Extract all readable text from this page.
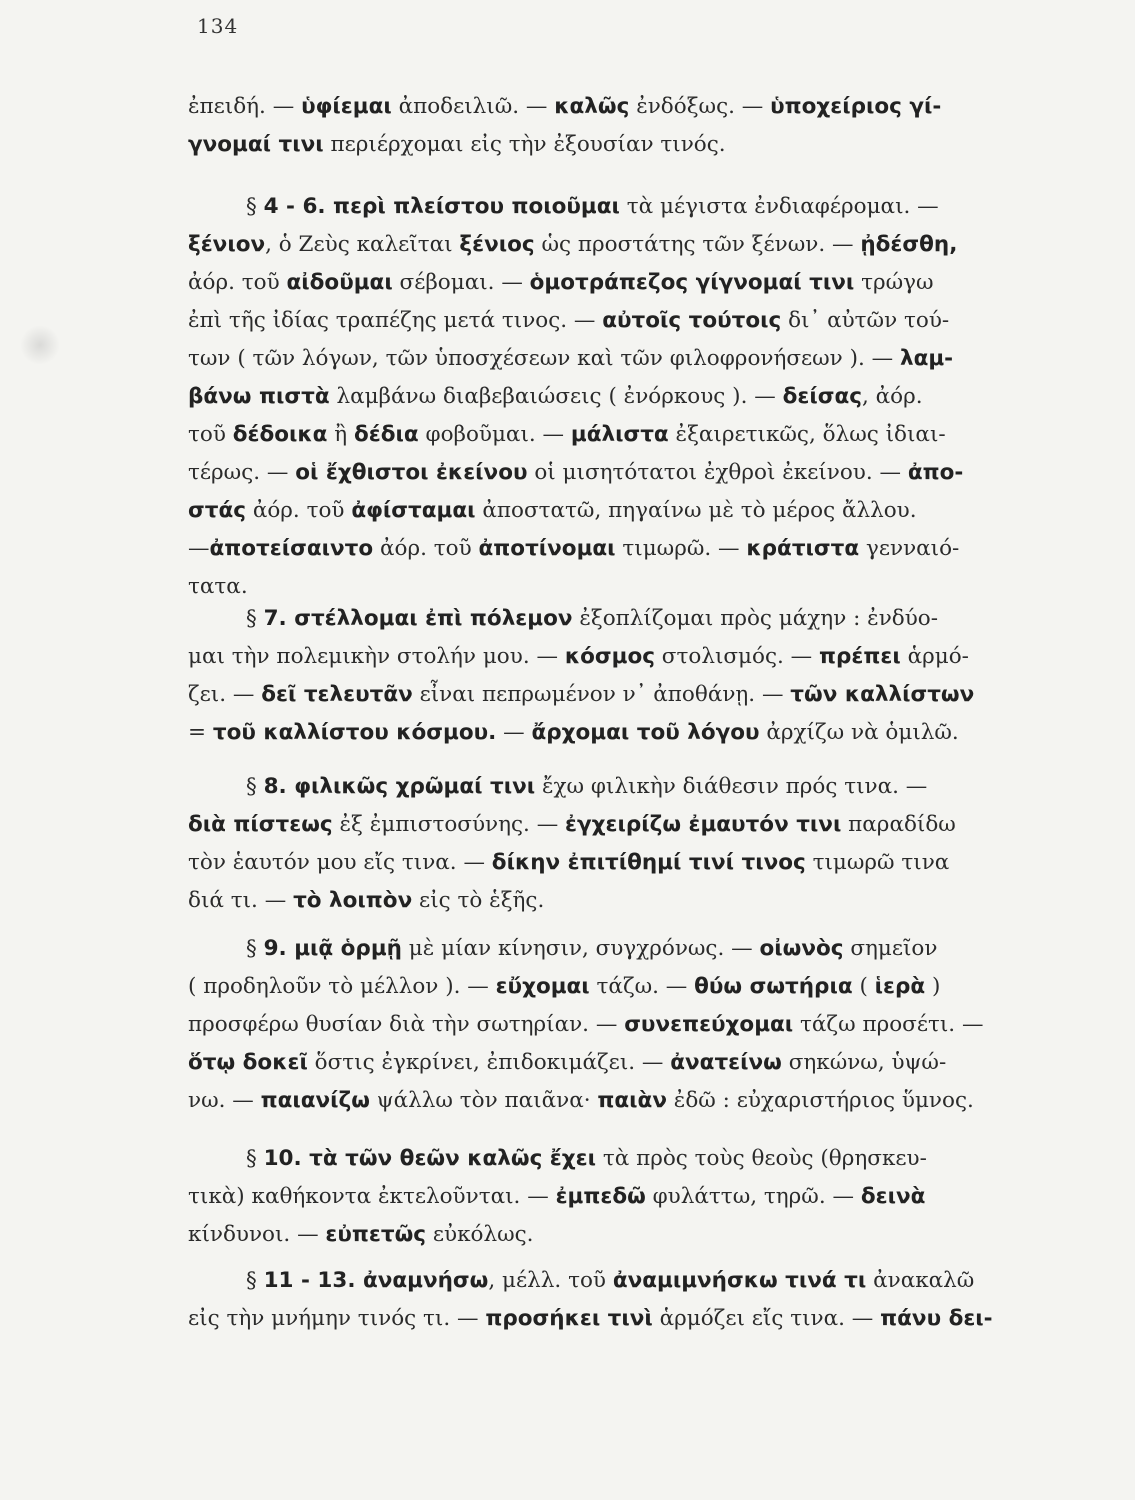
134
ἐπειδή. — ὑφίεμαι ἀποδειλιῶ. — καλῶς ἐνδόξως. — ὑποχείριος γί-
γνομαί τινι περιέρχομαι εἰς τὴν ἐξουσίαν τινός.
§ 4 - 6. περὶ πλείστου ποιοῦμαι τὰ μέγιστα ἐνδιαφέρομαι. —
ξένιον, ὁ Ζεὺς καλεῖται ξένιος ὡς προστάτης τῶν ξένων. — ᾐδέσθη,
ἀόρ. τοῦ αἰδοῦμαι σέβομαι. — ὁμοτράπεζος γίγνομαί τινι τρώγω
ἐπὶ τῆς ἰδίας τραπέζης μετά τινος. — αὐτοῖς τούτοις δι᾽ αὐτῶν τού-
των ( τῶν λόγων, τῶν ὑποσχέσεων καὶ τῶν φιλοφρονήσεων ). — λαμ-
βάνω πιστὰ λαμβάνω διαβεβαιώσεις ( ἐνόρκους ). — δείσας, ἀόρ.
τοῦ δέδοικα ἢ δέδια φοβοῦμαι. — μάλιστα ἐξαιρετικῶς, ὅλως ἰδιαι-
τέρως. — οἱ ἔχθιστοι ἐκείνου οἱ μισητότατοι ἐχθροὶ ἐκείνου. — ἀπο-
στάς ἀόρ. τοῦ ἀφίσταμαι ἀποστατῶ, πηγαίνω μὲ τὸ μέρος ἄλλου.
—ἀποτείσαιντο ἀόρ. τοῦ ἀποτίνομαι τιμωρῶ. — κράτιστα γενναιό-
τατα.
§ 7. στέλλομαι ἐπὶ πόλεμον ἐξοπλίζομαι πρὸς μάχην : ἐνδύο-
μαι τὴν πολεμικὴν στολήν μου. — κόσμος στολισμός. — πρέπει ἁρμό-
ζει. — δεῖ τελευτᾶν εἶναι πεπρωμένον ν᾽ ἀποθάνῃ. — τῶν καλλίστων
= τοῦ καλλίστου κόσμου. — ἄρχομαι τοῦ λόγου ἀρχίζω νὰ ὁμιλῶ.
§ 8. φιλικῶς χρῶμαί τινι ἔχω φιλικὴν διάθεσιν πρός τινα. —
διὰ πίστεως ἐξ ἐμπιστοσύνης. — ἐγχειρίζω ἐμαυτόν τινι παραδίδω
τὸν ἑαυτόν μου εἴς τινα. — δίκην ἐπιτίθημί τινί τινος τιμωρῶ τινα
διά τι. — τὸ λοιπὸν εἰς τὸ ἑξῆς.
§ 9. μιᾷ ὁρμῇ μὲ μίαν κίνησιν, συγχρόνως. — οἰωνὸς σημεῖον
( προδηλοῦν τὸ μέλλον ). — εὔχομαι τάζω. — θύω σωτήρια ( ἱερὰ )
προσφέρω θυσίαν διὰ τὴν σωτηρίαν. — συνεπεύχομαι τάζω προσέτι. —
ὅτῳ δοκεῖ ὅστις ἐγκρίνει, ἐπιδοκιμάζει. — ἀνατείνω σηκώνω, ὑψώ-
νω. — παιανίζω ψάλλω τὸν παιᾶνα· παιὰν ἐδῶ : εὐχαριστήριος ὕμνος.
§ 10. τὰ τῶν θεῶν καλῶς ἔχει τὰ πρὸς τοὺς θεοὺς (θρησκευ-
τικὰ) καθήκοντα ἐκτελοῦνται. — ἐμπεδῶ φυλάττω, τηρῶ. — δεινὰ
κίνδυνοι. — εὐπετῶς εὐκόλως.
§ 11 - 13. ἀναμνήσω, μέλλ. τοῦ ἀναμιμνήσκω τινά τι ἀνακαλῶ
εἰς τὴν μνήμην τινός τι. — προσήκει τινὶ ἁρμόζει εἴς τινα. — πάνυ δει-
